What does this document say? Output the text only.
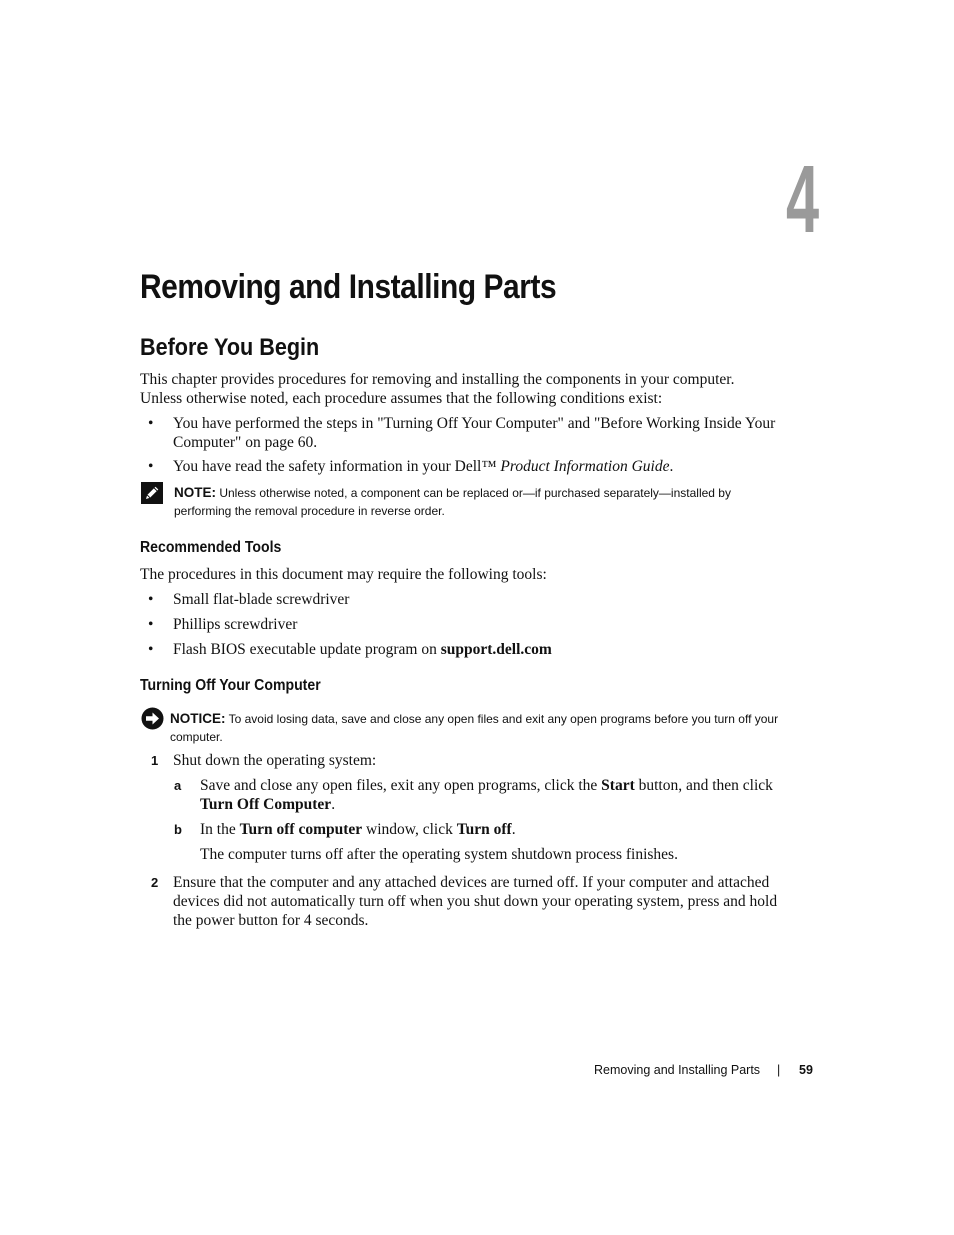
4
Removing and Installing Parts
Before You Begin
This chapter provides procedures for removing and installing the components in your computer. Unless otherwise noted, each procedure assumes that the following conditions exist:
• You have performed the steps in "Turning Off Your Computer" and "Before Working Inside Your Computer" on page 60.
• You have read the safety information in your Dell™ Product Information Guide.
NOTE: Unless otherwise noted, a component can be replaced or—if purchased separately—installed by performing the removal procedure in reverse order.
Recommended Tools
The procedures in this document may require the following tools:
• Small flat-blade screwdriver
• Phillips screwdriver
• Flash BIOS executable update program on support.dell.com
Turning Off Your Computer
NOTICE: To avoid losing data, save and close any open files and exit any open programs before you turn off your computer.
1 Shut down the operating system:
a Save and close any open files, exit any open programs, click the Start button, and then click Turn Off Computer.
b In the Turn off computer window, click Turn off.
The computer turns off after the operating system shutdown process finishes.
2 Ensure that the computer and any attached devices are turned off. If your computer and attached devices did not automatically turn off when you shut down your operating system, press and hold the power button for 4 seconds.
Removing and Installing Parts | 59
